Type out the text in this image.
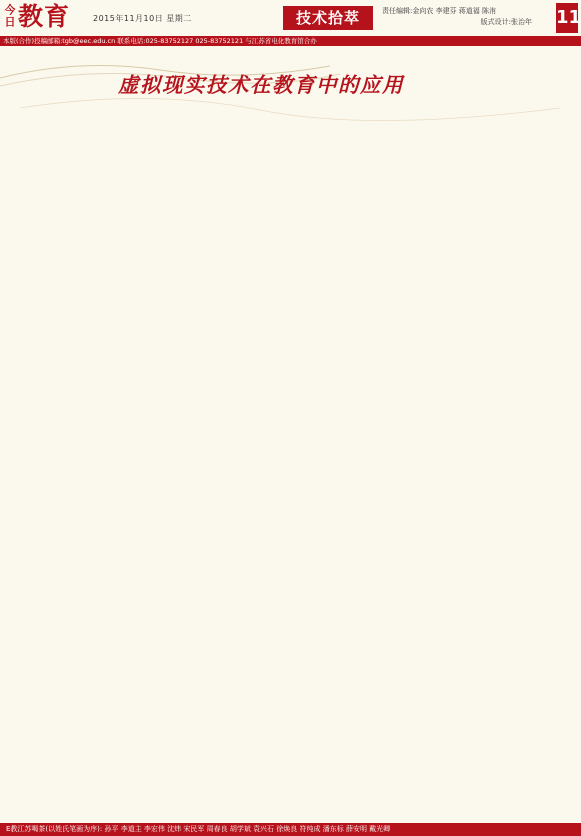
今日 教育	2015年11月10日 星期二	技术拾萃	责任编辑:金向农 李建芬 蒋道福 陈洧
版式设计:张治年	11
本版(合作)投稿邮箱:tgb@eec.edu.cn 联系电话:025-83752127 025-83752121 与江苏省电化教育馆合办
虚拟现实技术在教育中的应用
E教江苏喝茶(以姓氏笔画为序): 孙平 李道主 李宏伟 沈炜 宋民军 周春良 胡学斌 袁兴石 徐焕良 符纯成 潘东标 薛安明 戴光卿
